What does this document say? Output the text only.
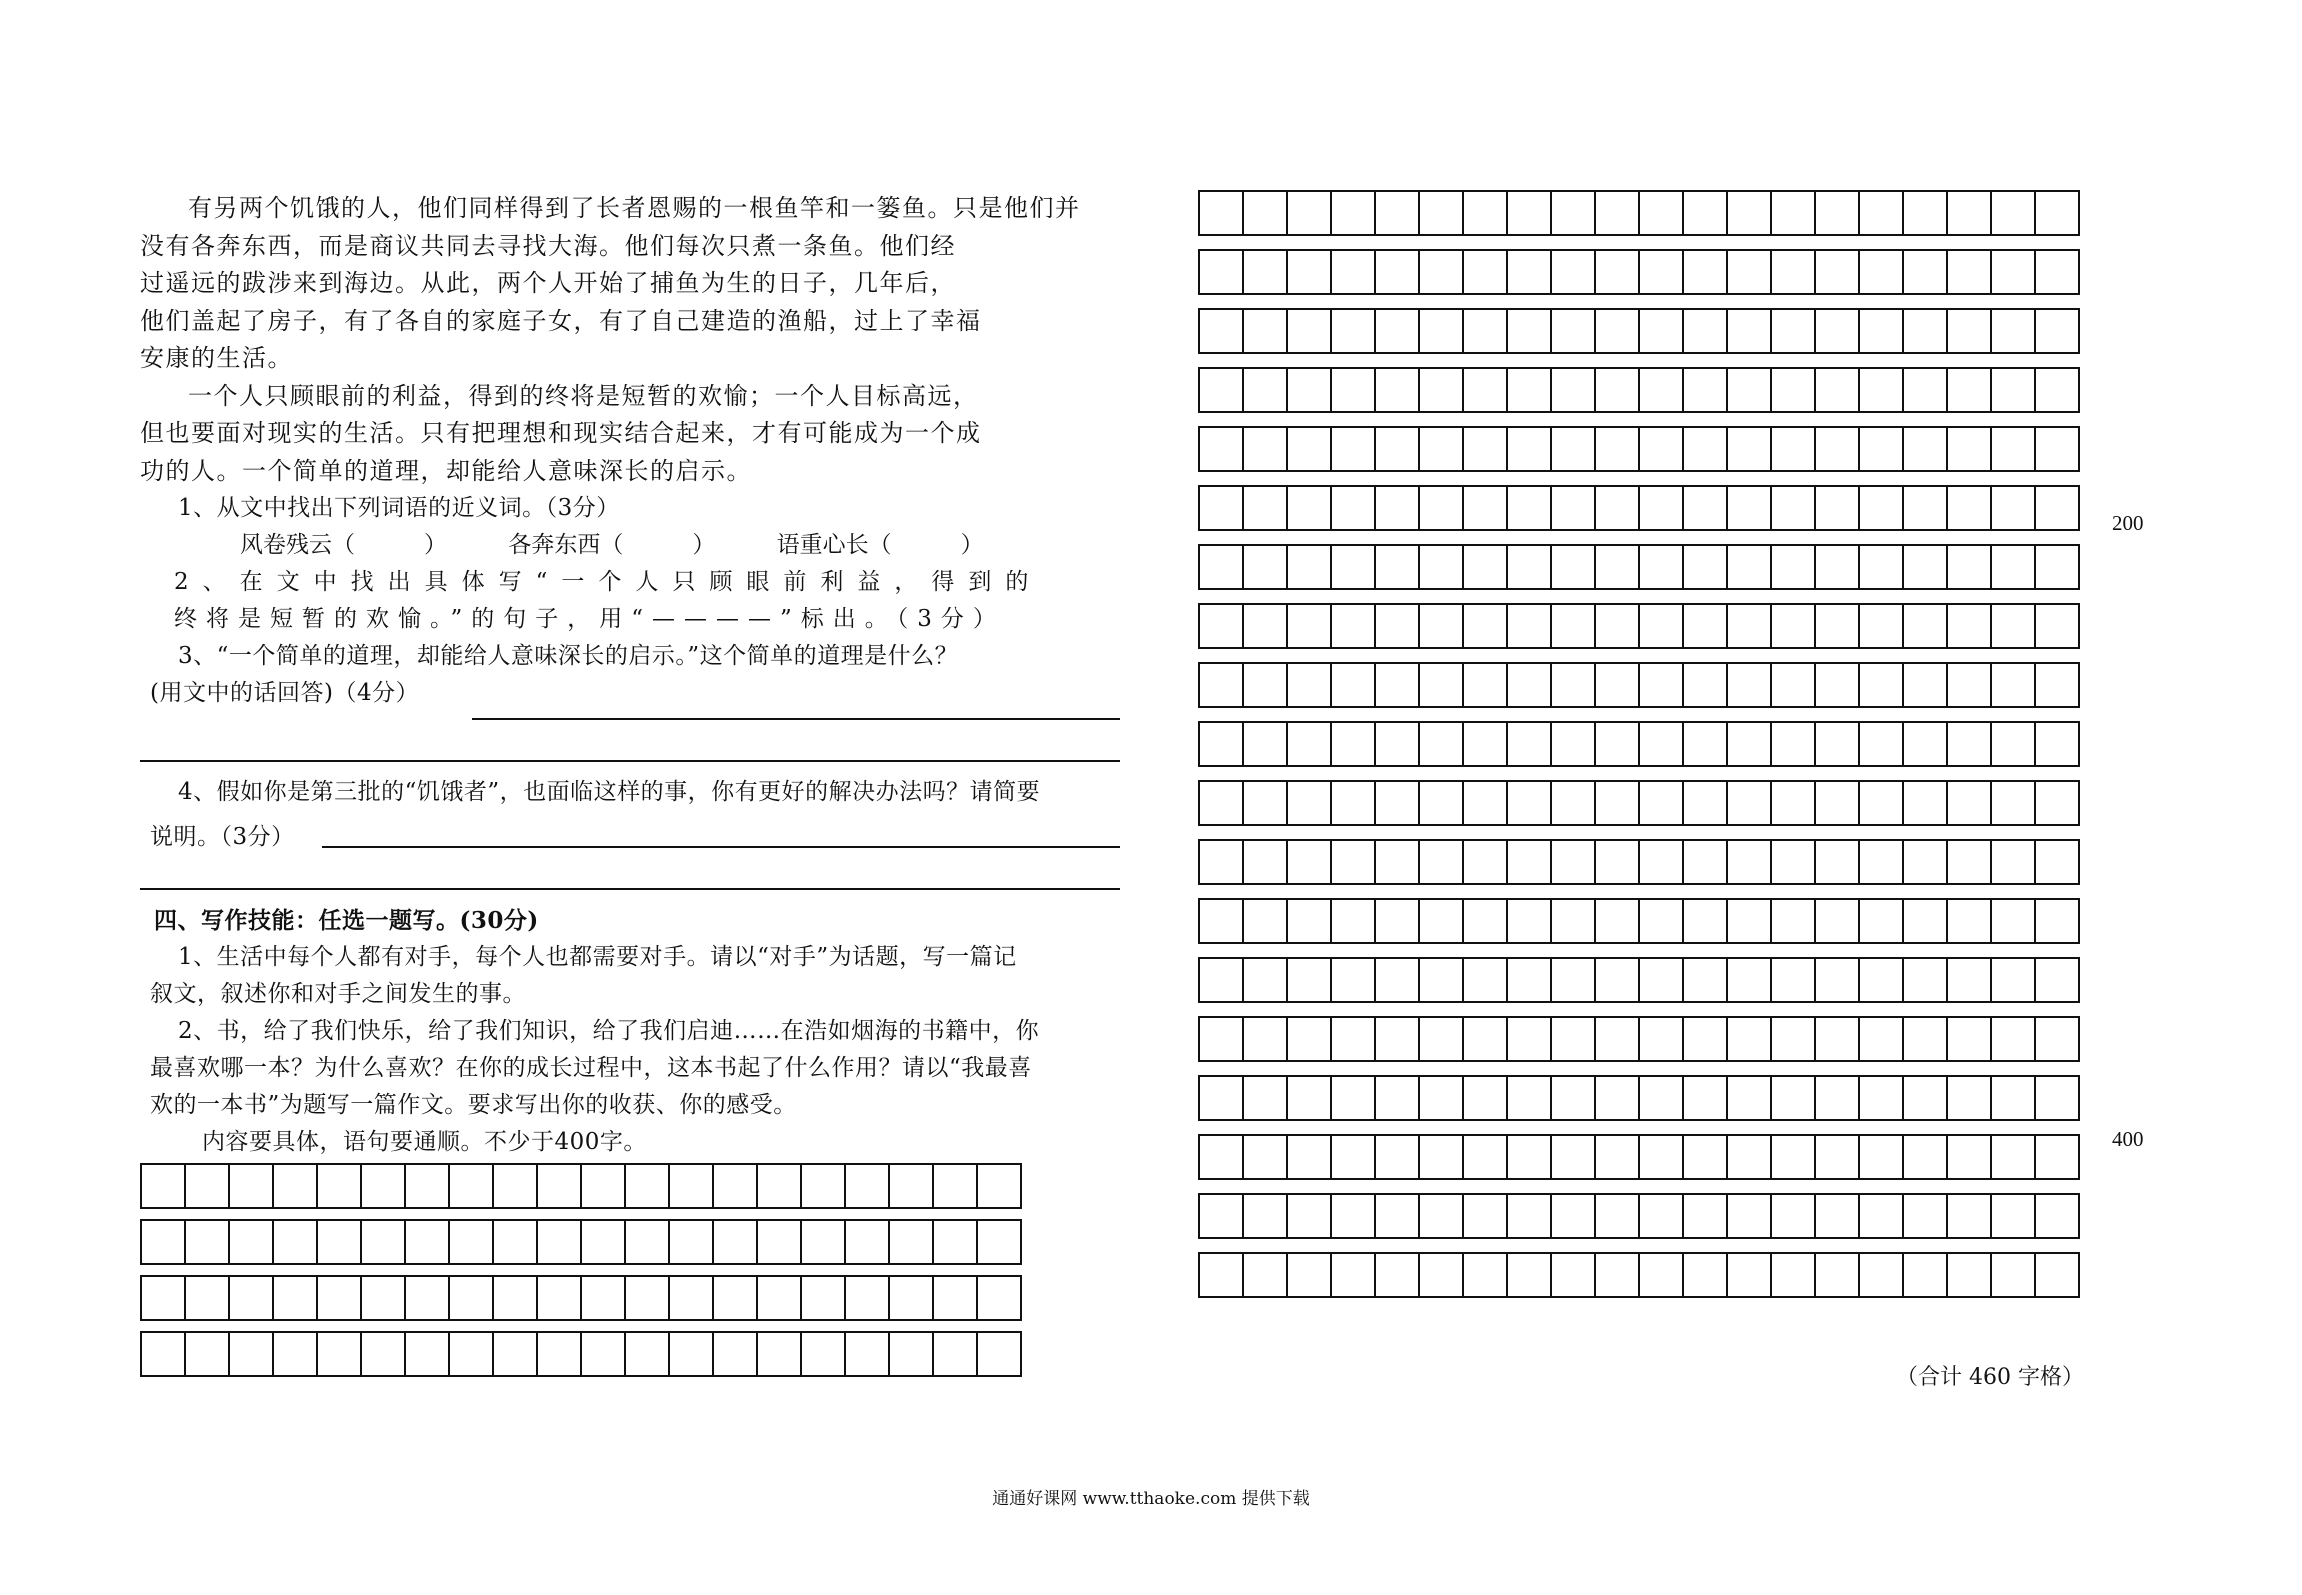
有另两个饥饿的人，他们同样得到了长者恩赐的一根鱼竿和一篓鱼。只是他们并

没有各奔东西，而是商议共同去寻找大海。他们每次只煮一条鱼。他们经

过遥远的跋涉来到海边。从此，两个人开始了捕鱼为生的日子，几年后，

他们盖起了房子，有了各自的家庭子女，有了自己建造的渔船，过上了幸福

安康的生活。

一个人只顾眼前的利益，得到的终将是短暂的欢愉；一个人目标高远，

但也要面对现实的生活。只有把理想和现实结合起来，才有可能成为一个成

功的人。一个简单的道理，却能给人意味深长的启示。

1、从文中找出下列词语的近义词。（3分）

风卷残云（　　　）	各奔东西（　　　）	语重心长（　　　）

2、在文中找出具体写“一个人只顾眼前利益，得到的

终将是短暂的欢愉。”的句子，用“————”标出。（3分）

3、“一个简单的道理，却能给人意味深长的启示。”这个简单的道理是什么？

(用文中的话回答)（4分）

4、假如你是第三批的“饥饿者”，也面临这样的事，你有更好的解决办法吗？请简要

说明。（3分）

四、写作技能：任选一题写。(30分)

1、生活中每个人都有对手，每个人也都需要对手。请以“对手”为话题，写一篇记

叙文，叙述你和对手之间发生的事。

2、书，给了我们快乐，给了我们知识，给了我们启迪……在浩如烟海的书籍中，你

最喜欢哪一本？为什么喜欢？在你的成长过程中，这本书起了什么作用？请以“我最喜

欢的一本书”为题写一篇作文。要求写出你的收获、你的感受。

内容要具体，语句要通顺。不少于400字。

200
400
（合计 460 字格）
通通好课网 www.tthaoke.com 提供下载
